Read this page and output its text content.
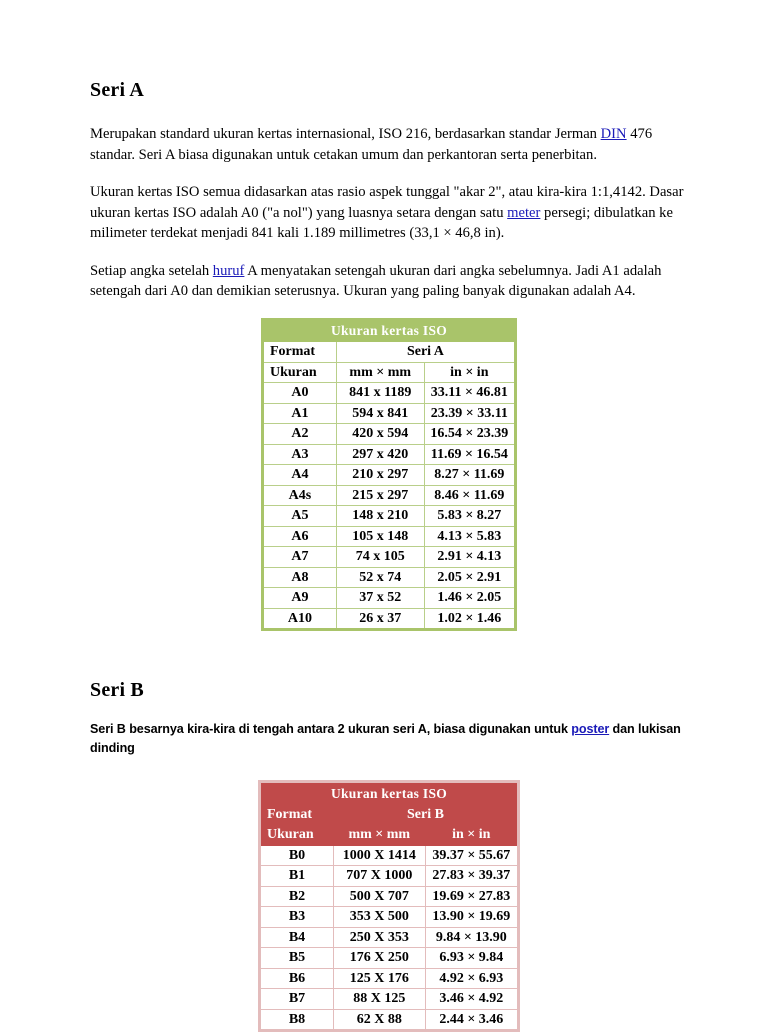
Seri A

Merupakan standard ukuran kertas internasional, ISO 216, berdasarkan standar Jerman DIN 476 standar. Seri A biasa digunakan untuk cetakan umum dan perkantoran serta penerbitan.

Ukuran kertas ISO semua didasarkan atas rasio aspek tunggal "akar 2", atau kira-kira 1:1,4142. Dasar ukuran kertas ISO adalah A0 ("a nol") yang luasnya setara dengan satu meter persegi; dibulatkan ke milimeter terdekat menjadi 841 kali 1.189 millimetres (33,1 × 46,8 in).

Setiap angka setelah huruf A menyatakan setengah ukuran dari angka sebelumnya. Jadi A1 adalah setengah dari A0 dan demikian seterusnya. Ukuran yang paling banyak digunakan adalah A4.

Ukuran kertas ISO		
Format	Seri A	
Ukuran	mm × mm	in × in
A0	841 x 1189	33.11 × 46.81
A1	594 x 841	23.39 × 33.11
A2	420 x 594	16.54 × 23.39
A3	297 x 420	11.69 × 16.54
A4	210 x 297	8.27 × 11.69
A4s	215 x 297	8.46 × 11.69
A5	148 x 210	5.83 × 8.27
A6	105 x 148	4.13 × 5.83
A7	74 x 105	2.91 × 4.13
A8	52 x 74	2.05 × 2.91
A9	37 x 52	1.46 × 2.05
A10	26 x 37	1.02 × 1.46
Seri B

Seri B besarnya kira-kira di tengah antara 2 ukuran seri A, biasa digunakan untuk poster dan lukisan dinding

Ukuran kertas ISO		
Format	Seri B	
Ukuran	mm × mm	in × in
B0	1000 X 1414	39.37 × 55.67
B1	707 X 1000	27.83 × 39.37
B2	500 X 707	19.69 × 27.83
B3	353 X 500	13.90 × 19.69
B4	250 X 353	9.84 × 13.90
B5	176 X 250	6.93 × 9.84
B6	125 X 176	4.92 × 6.93
B7	88 X 125	3.46 × 4.92
B8	62 X 88	2.44 × 3.46
